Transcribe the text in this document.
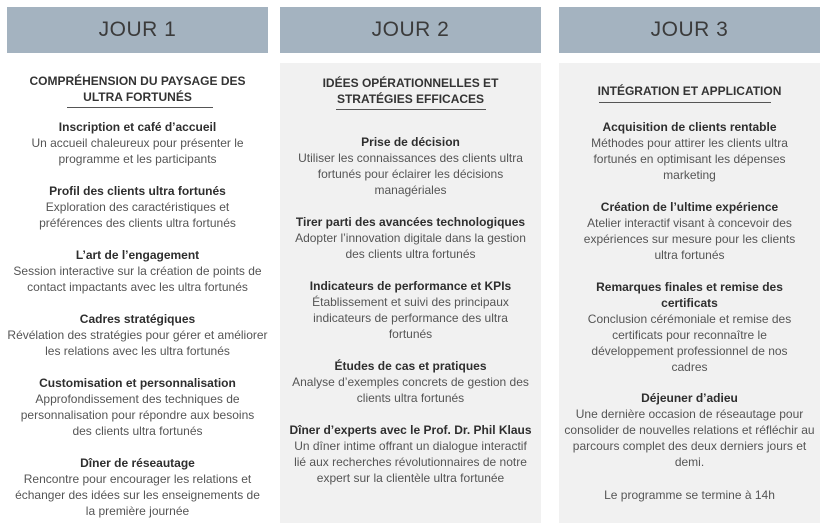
JOUR 1
COMPRÉHENSION DU PAYSAGE DES ULTRA FORTUNÉS
Inscription et café d’accueil
Un accueil chaleureux pour présenter le programme et les participants
Profil des clients ultra fortunés
Exploration des caractéristiques et préférences des clients ultra fortunés
L’art de l’engagement
Session interactive sur la création de points de contact impactants avec les ultra fortunés
Cadres stratégiques
Révélation des stratégies pour gérer et améliorer les relations avec les ultra fortunés
Customisation et personnalisation
Approfondissement des techniques de personnalisation pour répondre aux besoins des clients ultra fortunés
Dîner de réseautage
Rencontre pour encourager les relations et échanger des idées sur les enseignements de la première journée
JOUR 2
IDÉES OPÉRATIONNELLES ET STRATÉGIES EFFICACES
Prise de décision
Utiliser les connaissances des clients ultra fortunés pour éclairer les décisions managériales
Tirer parti des avancées technologiques
Adopter l’innovation digitale dans la gestion des clients ultra fortunés
Indicateurs de performance et KPIs
Établissement et suivi des principaux indicateurs de performance des ultra fortunés
Études de cas et pratiques
Analyse d’exemples concrets de gestion des clients ultra fortunés
Dîner d’experts avec le Prof. Dr. Phil Klaus
Un dîner intime offrant un dialogue interactif lié aux recherches révolutionnaires de notre expert sur la clientèle ultra fortunée
JOUR 3
INTÉGRATION ET APPLICATION
Acquisition de clients rentable
Méthodes pour attirer les clients ultra fortunés en optimisant les dépenses marketing
Création de l’ultime expérience
Atelier interactif visant à concevoir des expériences sur mesure pour les clients ultra fortunés
Remarques finales et remise des certificats
Conclusion cérémoniale et remise des certificats pour reconnaître le développement professionnel de nos cadres
Déjeuner d’adieu
Une dernière occasion de réseautage pour consolider de nouvelles relations et réfléchir au parcours complet des deux derniers jours et demi.
Le programme se termine à 14h
